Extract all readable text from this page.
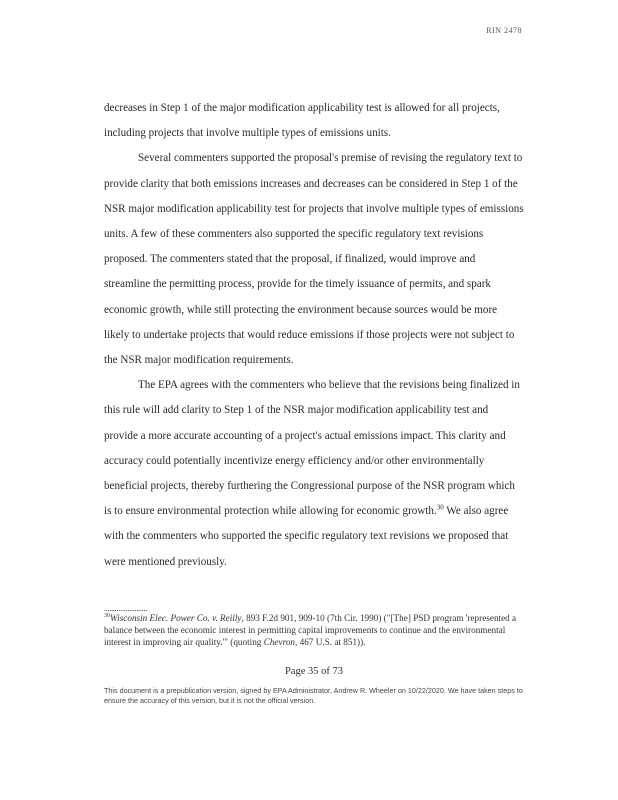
RIN 2478

decreases in Step 1 of the major modification applicability test is allowed for all projects, including projects that involve multiple types of emissions units.

Several commenters supported the proposal's premise of revising the regulatory text to provide clarity that both emissions increases and decreases can be considered in Step 1 of the NSR major modification applicability test for projects that involve multiple types of emissions units. A few of these commenters also supported the specific regulatory text revisions proposed. The commenters stated that the proposal, if finalized, would improve and streamline the permitting process, provide for the timely issuance of permits, and spark economic growth, while still protecting the environment because sources would be more likely to undertake projects that would reduce emissions if those projects were not subject to the NSR major modification requirements.

The EPA agrees with the commenters who believe that the revisions being finalized in this rule will add clarity to Step 1 of the NSR major modification applicability test and provide a more accurate accounting of a project's actual emissions impact. This clarity and accuracy could potentially incentivize energy efficiency and/or other environmentally beneficial projects, thereby furthering the Congressional purpose of the NSR program which is to ensure environmental protection while allowing for economic growth.$^{30}$ We also agree with the commenters who supported the specific regulatory text revisions we proposed that were mentioned previously.

……………………
$^{30}$Wisconsin Elec. Power Co. v. Reilly, 893 F.2d 901, 909-10 (7th Cir. 1990) ("[The] PSD program 'represented a balance between the economic interest in permitting capital improvements to continue and the environmental interest in improving air quality.'" (quoting Chevron, 467 U.S. at 851)).
Page 35 of 73
This document is a prepublication version, signed by EPA Administrator, Andrew R. Wheeler on 10/22/2020. We have taken steps to ensure the accuracy of this version, but it is not the official version.
